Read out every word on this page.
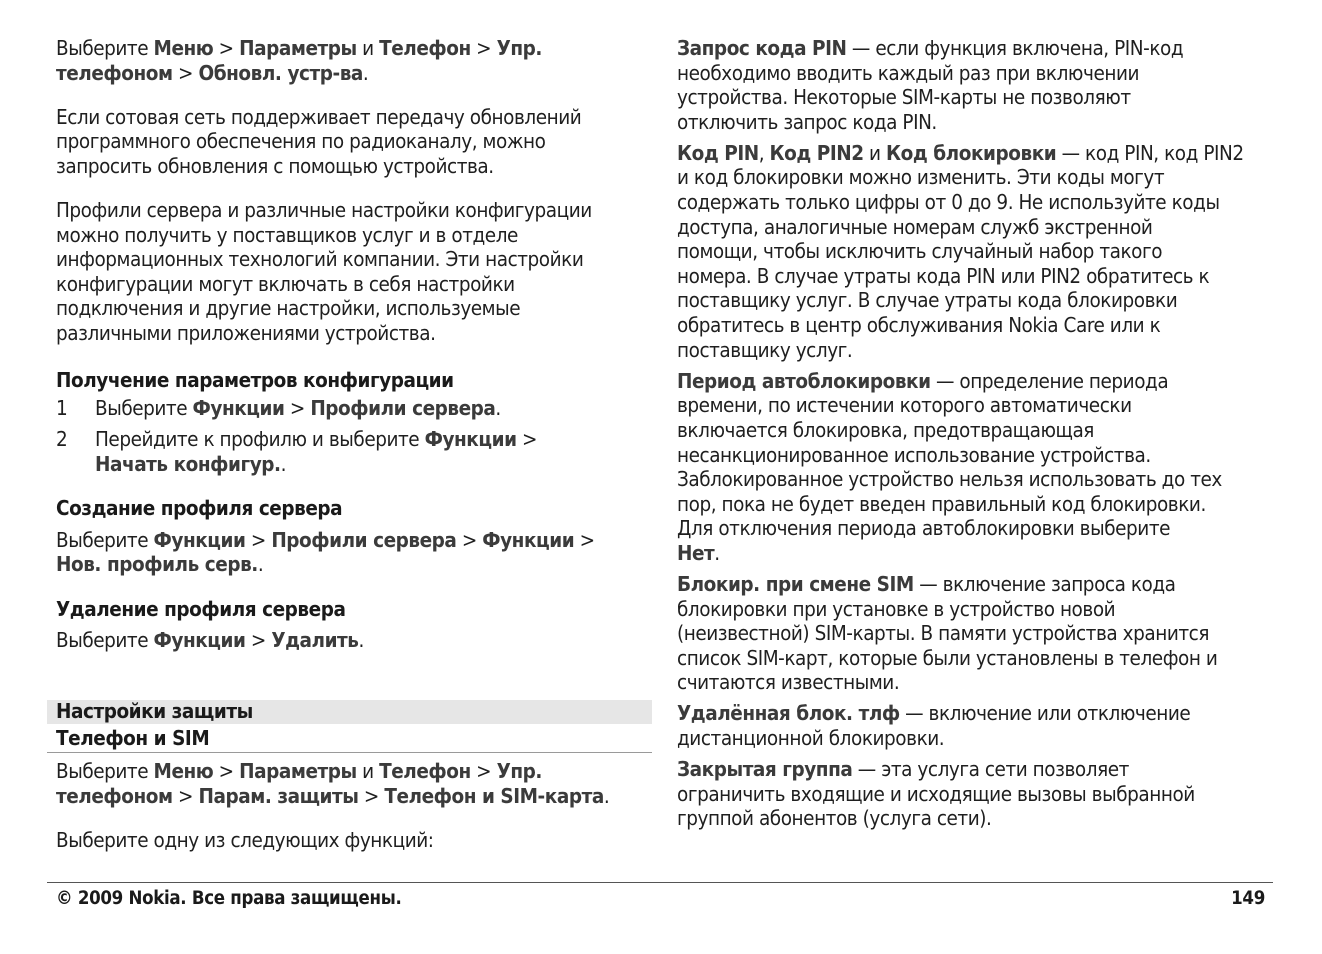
Выберите Меню > Параметры и Телефон > Упр.
телефоном > Обновл. устр-ва.

Если сотовая сеть поддерживает передачу обновлений
программного обеспечения по радиоканалу, можно
запросить обновления с помощью устройства.

Профили сервера и различные настройки конфигурации
можно получить у поставщиков услуг и в отделе
информационных технологий компании. Эти настройки
конфигурации могут включать в себя настройки
подключения и другие настройки, используемые
различными приложениями устройства.

Получение параметров конфигурации
1	Выберите Функции > Профили сервера.
2	Перейдите к профилю и выберите Функции >
Начать конфигур..
Создание профиля сервера

Выберите Функции > Профили сервера > Функции >
Нов. профиль серв..

Удаление профиля сервера

Выберите Функции > Удалить.

Настройки защиты
Телефон и SIM

Выберите Меню > Параметры и Телефон > Упр.
телефоном > Парам. защиты > Телефон и SIM-карта.

Выберите одну из следующих функций:

Запрос кода PIN — если функция включена, PIN-код
необходимо вводить каждый раз при включении
устройства. Некоторые SIM-карты не позволяют
отключить запрос кода PIN.

Код PIN, Код PIN2 и Код блокировки — код PIN, код PIN2
и код блокировки можно изменить. Эти коды могут
содержать только цифры от 0 до 9. Не используйте коды
доступа, аналогичные номерам служб экстренной
помощи, чтобы исключить случайный набор такого
номера. В случае утраты кода PIN или PIN2 обратитесь к
поставщику услуг. В случае утраты кода блокировки
обратитесь в центр обслуживания Nokia Care или к
поставщику услуг.

Период автоблокировки — определение периода
времени, по истечении которого автоматически
включается блокировка, предотвращающая
несанкционированное использование устройства.
Заблокированное устройство нельзя использовать до тех
пор, пока не будет введен правильный код блокировки.
Для отключения периода автоблокировки выберите
Нет.

Блокир. при смене SIM — включение запроса кода
блокировки при установке в устройство новой
(неизвестной) SIM-карты. В памяти устройства хранится
список SIM-карт, которые были установлены в телефон и
считаются известными.

Удалённая блок. тлф — включение или отключение
дистанционной блокировки.

Закрытая группа — эта услуга сети позволяет
ограничить входящие и исходящие вызовы выбранной
группой абонентов (услуга сети).

© 2009 Nokia. Все права защищены.	149
